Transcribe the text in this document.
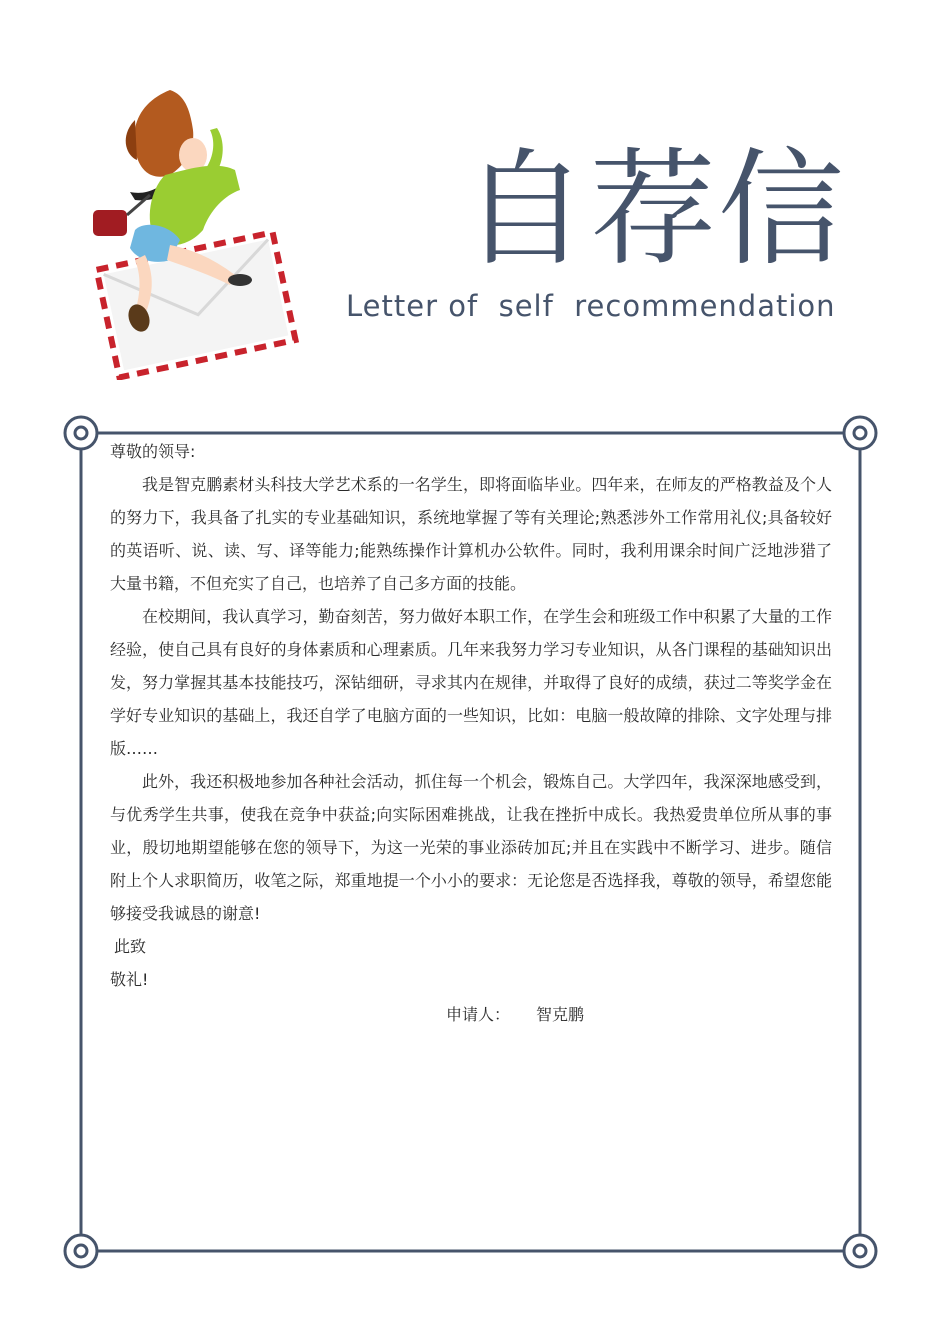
自荐信
Letter of  self  recommendation

尊敬的领导:

我是智克鹏素材头科技大学艺术系的一名学生，即将面临毕业。四年来，在师友的严格教益及个人的努力下，我具备了扎实的专业基础知识，系统地掌握了等有关理论;熟悉涉外工作常用礼仪;具备较好的英语听、说、读、写、译等能力;能熟练操作计算机办公软件。同时，我利用课余时间广泛地涉猎了大量书籍，不但充实了自己，也培养了自己多方面的技能。

在校期间，我认真学习，勤奋刻苦，努力做好本职工作，在学生会和班级工作中积累了大量的工作经验，使自己具有良好的身体素质和心理素质。几年来我努力学习专业知识，从各门课程的基础知识出发，努力掌握其基本技能技巧，深钻细研，寻求其内在规律，并取得了良好的成绩，获过二等奖学金在学好专业知识的基础上，我还自学了电脑方面的一些知识，比如：电脑一般故障的排除、文字处理与排版……

此外，我还积极地参加各种社会活动，抓住每一个机会，锻炼自己。大学四年，我深深地感受到，与优秀学生共事，使我在竞争中获益;向实际困难挑战，让我在挫折中成长。我热爱贵单位所从事的事业，殷切地期望能够在您的领导下，为这一光荣的事业添砖加瓦;并且在实践中不断学习、进步。随信附上个人求职简历，收笔之际，郑重地提一个小小的要求：无论您是否选择我，尊敬的领导，希望您能够接受我诚恳的谢意!

此致

敬礼!

申请人： 智克鹏
